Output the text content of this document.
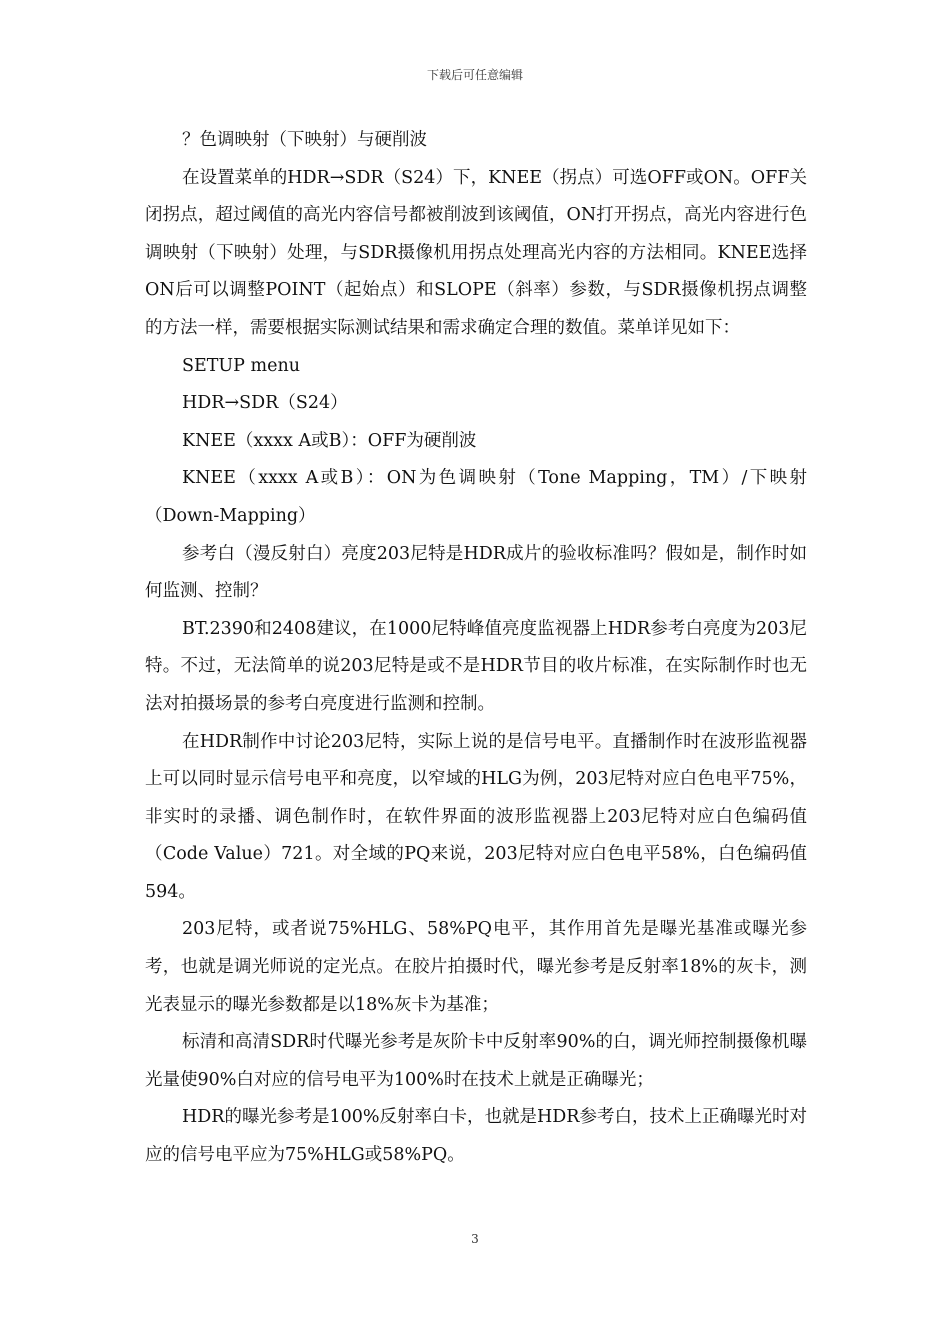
下载后可任意编辑

？色调映射（下映射）与硬削波

在设置菜单的HDR→SDR（S24）下，KNEE（拐点）可选OFF或ON。OFF关闭拐点，超过阈值的高光内容信号都被削波到该阈值，ON打开拐点，高光内容进行色调映射（下映射）处理，与SDR摄像机用拐点处理高光内容的方法相同。KNEE选择ON后可以调整POINT（起始点）和SLOPE（斜率）参数，与SDR摄像机拐点调整的方法一样，需要根据实际测试结果和需求确定合理的数值。菜单详见如下：

SETUP menu

HDR→SDR（S24）

KNEE（xxxx A或B）：OFF为硬削波

KNEE（xxxx A或B）：ON为色调映射（Tone Mapping，TM）/下映射（Down-Mapping）

参考白（漫反射白）亮度203尼特是HDR成片的验收标准吗？假如是，制作时如何监测、控制？

BT.2390和2408建议，在1000尼特峰值亮度监视器上HDR参考白亮度为203尼特。不过，无法简单的说203尼特是或不是HDR节目的收片标准，在实际制作时也无法对拍摄场景的参考白亮度进行监测和控制。

在HDR制作中讨论203尼特，实际上说的是信号电平。直播制作时在波形监视器上可以同时显示信号电平和亮度，以窄域的HLG为例，203尼特对应白色电平75%，非实时的录播、调色制作时，在软件界面的波形监视器上203尼特对应白色编码值（Code Value）721。对全域的PQ来说，203尼特对应白色电平58%，白色编码值594。

203尼特，或者说75%HLG、58%PQ电平，其作用首先是曝光基准或曝光参考，也就是调光师说的定光点。在胶片拍摄时代，曝光参考是反射率18%的灰卡，测光表显示的曝光参数都是以18%灰卡为基准；

标清和高清SDR时代曝光参考是灰阶卡中反射率90%的白，调光师控制摄像机曝光量使90%白对应的信号电平为100%时在技术上就是正确曝光；

HDR的曝光参考是100%反射率白卡，也就是HDR参考白，技术上正确曝光时对应的信号电平应为75%HLG或58%PQ。

3
